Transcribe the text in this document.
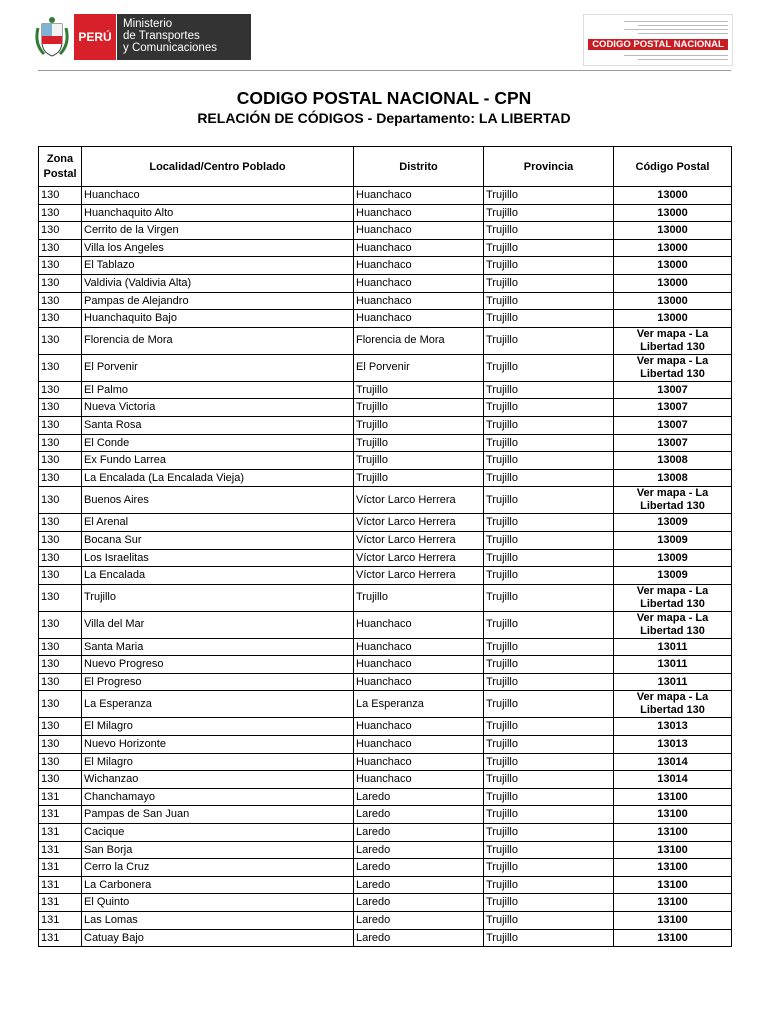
PERÚ
Ministerio
de Transportes
y Comunicaciones	CODIGO POSTAL NACIONAL
CODIGO POSTAL NACIONAL - CPN
RELACIÓN DE CÓDIGOS - Departamento: LA LIBERTAD
Zona Postal	Localidad/Centro Poblado	Distrito	Provincia	Código Postal
130	Huanchaco	Huanchaco	Trujillo	13000
130	Huanchaquito Alto	Huanchaco	Trujillo	13000
130	Cerrito de la Virgen	Huanchaco	Trujillo	13000
130	Villa los Angeles	Huanchaco	Trujillo	13000
130	El Tablazo	Huanchaco	Trujillo	13000
130	Valdivia (Valdivia Alta)	Huanchaco	Trujillo	13000
130	Pampas de Alejandro	Huanchaco	Trujillo	13000
130	Huanchaquito Bajo	Huanchaco	Trujillo	13000
130	Florencia de Mora	Florencia de Mora	Trujillo	Ver mapa - La Libertad 130
130	El Porvenir	El Porvenir	Trujillo	Ver mapa - La Libertad 130
130	El Palmo	Trujillo	Trujillo	13007
130	Nueva Victoria	Trujillo	Trujillo	13007
130	Santa Rosa	Trujillo	Trujillo	13007
130	El Conde	Trujillo	Trujillo	13007
130	Ex Fundo Larrea	Trujillo	Trujillo	13008
130	La Encalada (La Encalada Vieja)	Trujillo	Trujillo	13008
130	Buenos Aires	Víctor Larco Herrera	Trujillo	Ver mapa - La Libertad 130
130	El Arenal	Víctor Larco Herrera	Trujillo	13009
130	Bocana Sur	Víctor Larco Herrera	Trujillo	13009
130	Los Israelitas	Víctor Larco Herrera	Trujillo	13009
130	La Encalada	Víctor Larco Herrera	Trujillo	13009
130	Trujillo	Trujillo	Trujillo	Ver mapa - La Libertad 130
130	Villa del Mar	Huanchaco	Trujillo	Ver mapa - La Libertad 130
130	Santa Maria	Huanchaco	Trujillo	13011
130	Nuevo Progreso	Huanchaco	Trujillo	13011
130	El Progreso	Huanchaco	Trujillo	13011
130	La Esperanza	La Esperanza	Trujillo	Ver mapa - La Libertad 130
130	El Milagro	Huanchaco	Trujillo	13013
130	Nuevo Horizonte	Huanchaco	Trujillo	13013
130	El Milagro	Huanchaco	Trujillo	13014
130	Wichanzao	Huanchaco	Trujillo	13014
131	Chanchamayo	Laredo	Trujillo	13100
131	Pampas de San Juan	Laredo	Trujillo	13100
131	Cacique	Laredo	Trujillo	13100
131	San Borja	Laredo	Trujillo	13100
131	Cerro la Cruz	Laredo	Trujillo	13100
131	La Carbonera	Laredo	Trujillo	13100
131	El Quinto	Laredo	Trujillo	13100
131	Las Lomas	Laredo	Trujillo	13100
131	Catuay Bajo	Laredo	Trujillo	13100
